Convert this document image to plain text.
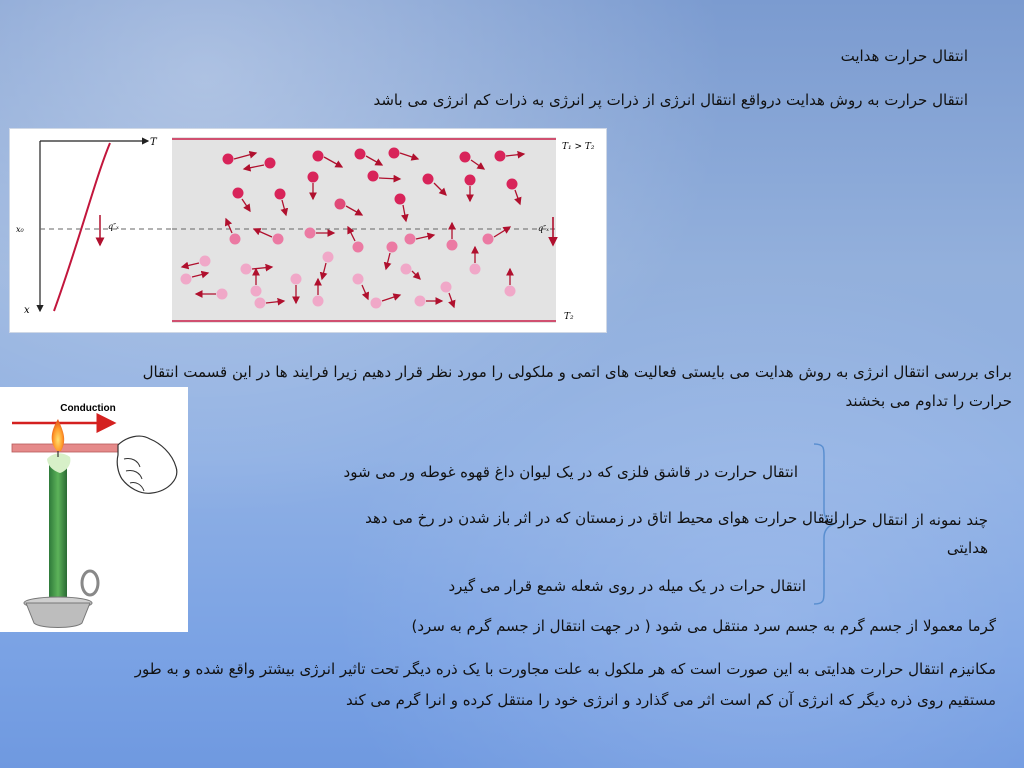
انتقال حرارت هدایت
انتقال حرارت به روش هدایت درواقع انتقال انرژی از ذرات پر انرژی به ذرات کم انرژی می باشد
T
x
x₀	q″ₓ
T₁ > T₂
T₂
q″ₓ
برای بررسی انتقال انرژی به روش هدایت می بایستی فعالیت های اتمی و ملکولی را مورد نظر قرار دهیم زیرا فرایند ها در این قسمت انتقال حرارت را تداوم می بخشند
Conduction
چند نمونه از انتقال حرارت هدایتی
انتقال حرارت در قاشق فلزی که در یک لیوان داغ قهوه غوطه ور می شود
انتقال حرارت هوای محیط اتاق در زمستان که در اثر باز شدن در رخ می دهد
انتقال حرات در یک میله در روی شعله شمع قرار می گیرد
گرما معمولا از جسم گرم به جسم سرد منتقل می شود ( در جهت انتقال از جسم گرم به سرد)
مکانیزم انتقال حرارت هدایتی به این صورت است که هر ملکول به علت مجاورت با یک ذره دیگر تحت تاثیر انرژی بیشتر واقع شده و به طور مستقیم روی ذره دیگر که انرژی آن کم است اثر می گذارد و انرژی خود را منتقل کرده و انرا گرم می کند
